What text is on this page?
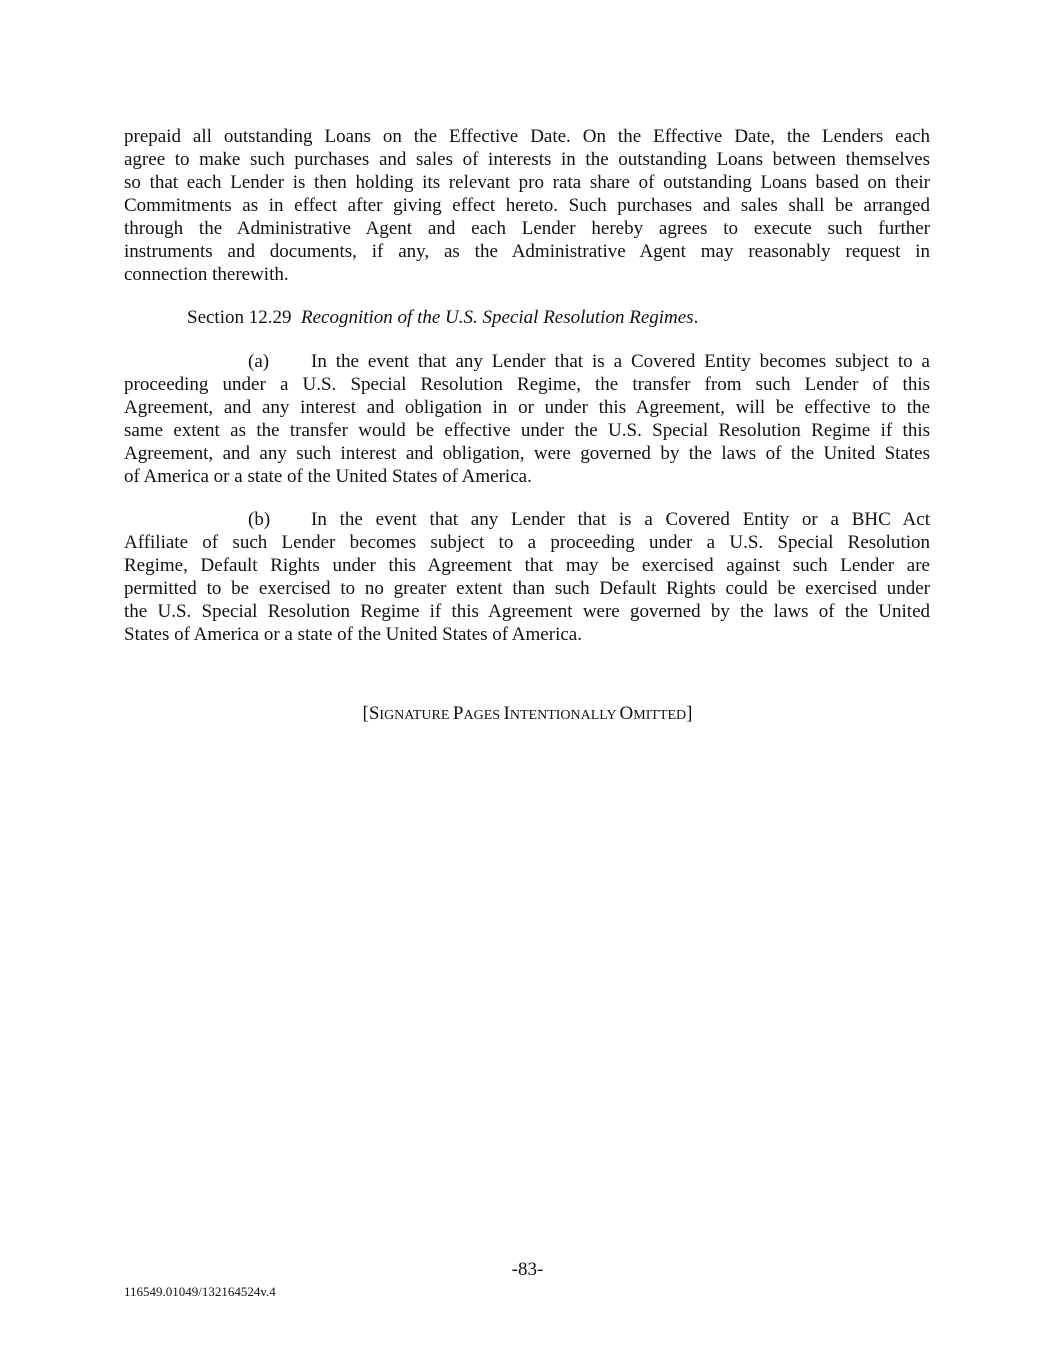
prepaid all outstanding Loans on the Effective Date. On the Effective Date, the Lenders each
agree to make such purchases and sales of interests in the outstanding Loans between themselves
so that each Lender is then holding its relevant pro rata share of outstanding Loans based on their
Commitments as in effect after giving effect hereto. Such purchases and sales shall be arranged
through the Administrative Agent and each Lender hereby agrees to execute such further
instruments and documents, if any, as the Administrative Agent may reasonably request in
connection therewith.
Section 12.29 Recognition of the U.S. Special Resolution Regimes.
(a) In the event that any Lender that is a Covered Entity becomes subject to a
proceeding under a U.S. Special Resolution Regime, the transfer from such Lender of this
Agreement, and any interest and obligation in or under this Agreement, will be effective to the
same extent as the transfer would be effective under the U.S. Special Resolution Regime if this
Agreement, and any such interest and obligation, were governed by the laws of the United States
of America or a state of the United States of America.
(b) In the event that any Lender that is a Covered Entity or a BHC Act
Affiliate of such Lender becomes subject to a proceeding under a U.S. Special Resolution
Regime, Default Rights under this Agreement that may be exercised against such Lender are
permitted to be exercised to no greater extent than such Default Rights could be exercised under
the U.S. Special Resolution Regime if this Agreement were governed by the laws of the United
States of America or a state of the United States of America.
[SIGNATURE PAGES INTENTIONALLY OMITTED]
-83-
116549.01049/132164524v.4
